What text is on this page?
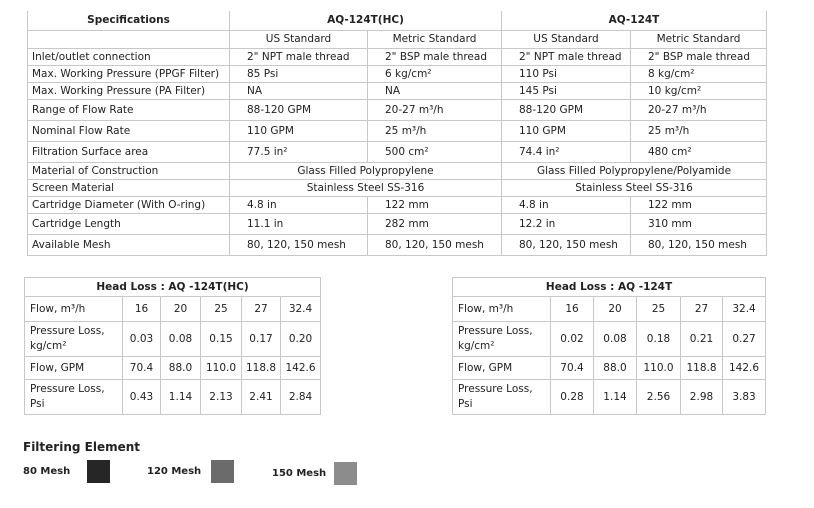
Specifications	AQ-124T(HC)		AQ-124T	
	US Standard	Metric Standard	US Standard	Metric Standard
Inlet/outlet connection	2" NPT male thread	2" BSP male thread	2" NPT male thread	2" BSP male thread
Max. Working Pressure (PPGF Filter)	85 Psi	6 kg/cm²	110 Psi	8 kg/cm²
Max. Working Pressure (PA Filter)	NA	NA	145 Psi	10 kg/cm²
Range of Flow Rate	88-120 GPM	20-27 m³/h	88-120 GPM	20-27 m³/h
Nominal Flow Rate	110 GPM	25 m³/h	110 GPM	25 m³/h
Filtration Surface area	77.5 in²	500 cm²	74.4 in²	480 cm²
Material of Construction	Glass Filled Polypropylene		Glass Filled Polypropylene/Polyamide	
Screen Material	Stainless Steel SS-316		Stainless Steel SS-316	
Cartridge Diameter (With O-ring)	4.8 in	122 mm	4.8 in	122 mm
Cartridge Length	11.1 in	282 mm	12.2 in	310 mm
Available Mesh	80, 120, 150 mesh	80, 120, 150 mesh	80, 120, 150 mesh	80, 120, 150 mesh
Head Loss : AQ -124T(HC)					
Flow, m³/h	16	20	25	27	32.4
Pressure Loss, kg/cm²	0.03	0.08	0.15	0.17	0.20
Flow, GPM	70.4	88.0	110.0	118.8	142.6
Pressure Loss, Psi	0.43	1.14	2.13	2.41	2.84
Head Loss : AQ -124T					
Flow, m³/h	16	20	25	27	32.4
Pressure Loss, kg/cm²	0.02	0.08	0.18	0.21	0.27
Flow, GPM	70.4	88.0	110.0	118.8	142.6
Pressure Loss, Psi	0.28	1.14	2.56	2.98	3.83
Filtering Element
80 Mesh	120 Mesh	150 Mesh
